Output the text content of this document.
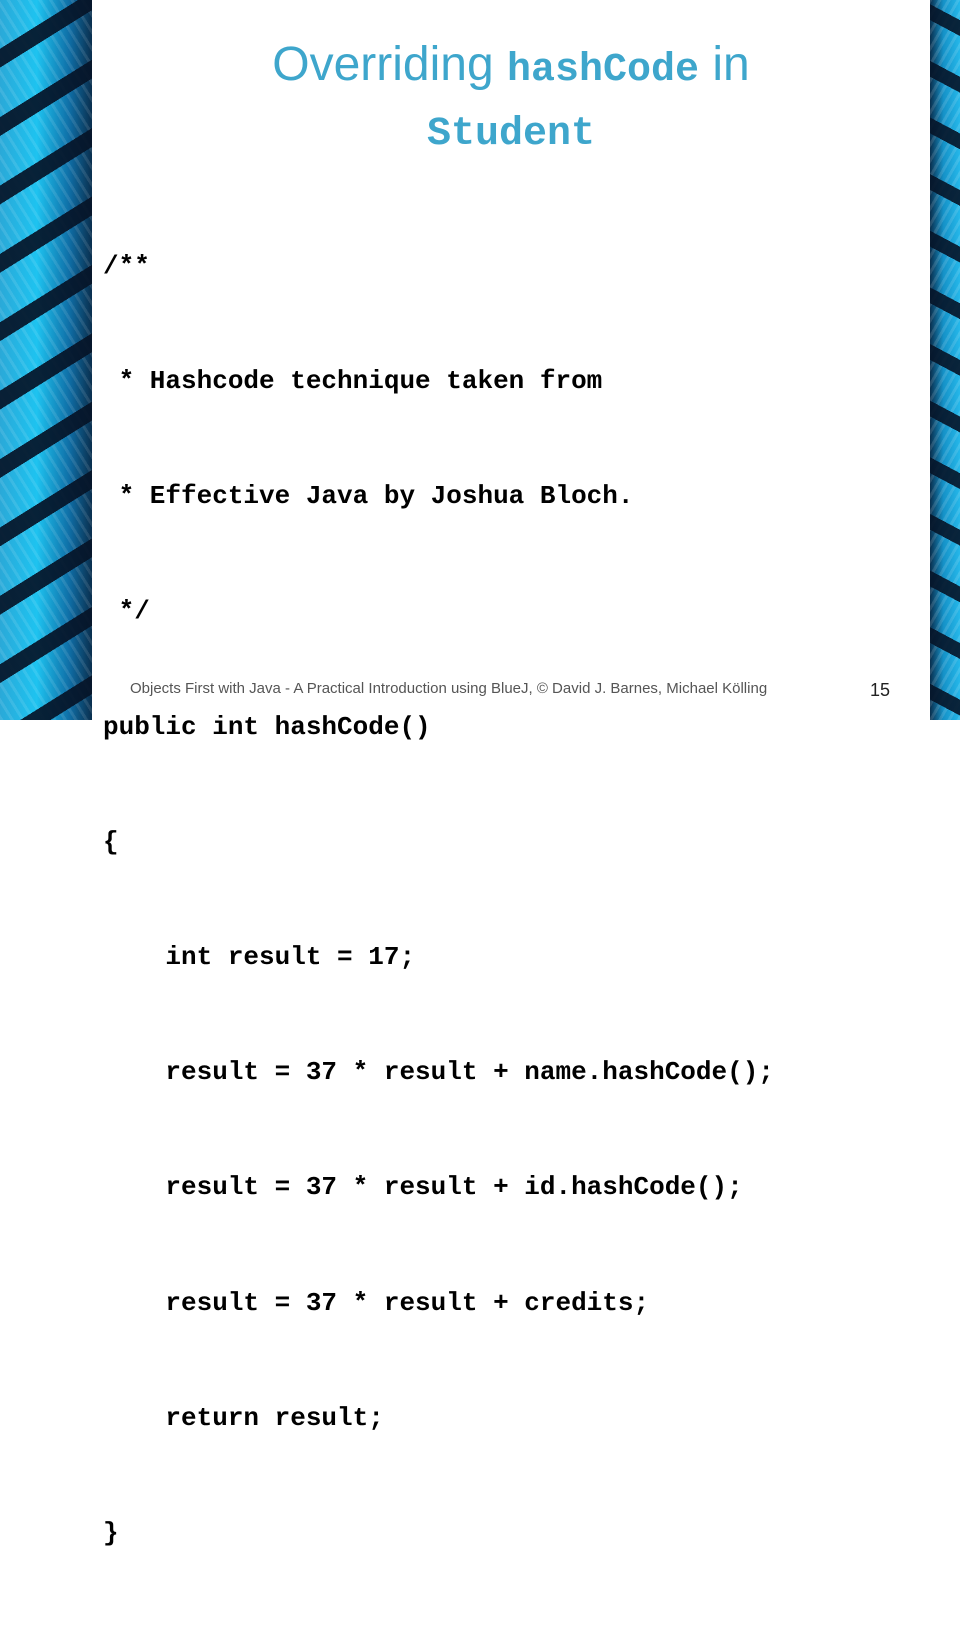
Overriding hashCode in
Student

/**

* Hashcode technique taken from

* Effective Java by Joshua Bloch.

*/

public int hashCode()

{

int result = 17;

result = 37 * result + name.hashCode();

result = 37 * result + id.hashCode();

result = 37 * result + credits;

return result;

}

Objects First with Java - A Practical Introduction using BlueJ, © David J. Barnes, Michael Kölling	15
